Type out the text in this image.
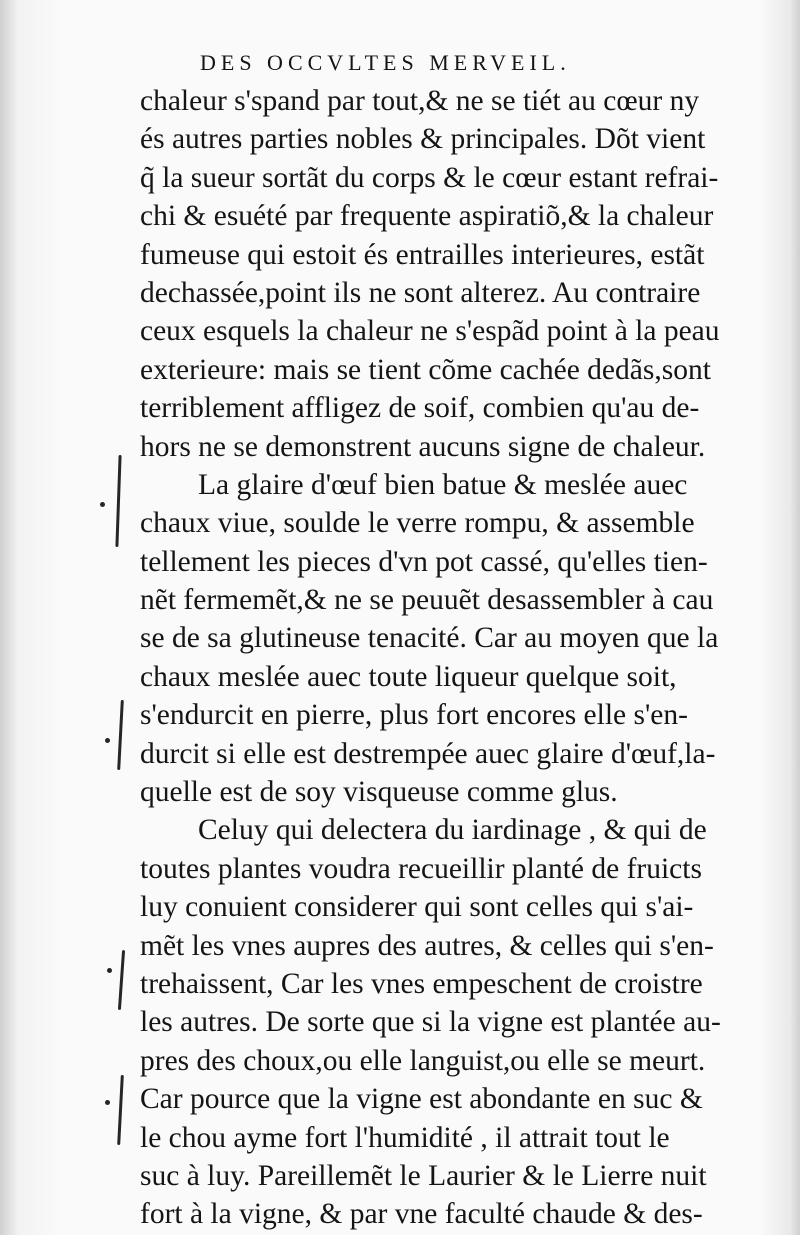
DES OCCVLTES MERVEIL.
chaleur s'spand par tout,& ne se tiét au cœur ny
és autres parties nobles & principales. Dõt vient
q̃ la sueur sortãt du corps & le cœur estant refrai-
chi & esuété par frequente aspiratiõ,& la chaleur
fumeuse qui estoit és entrailles interieures, estãt
dechassée,point ils ne sont alterez. Au contraire
ceux esquels la chaleur ne s'espãd point à la peau
exterieure: mais se tient cõme cachée dedãs,sont
terriblement affligez de soif, combien qu'au de-
hors ne se demonstrent aucuns signe de chaleur.
La glaire d'œuf bien batue & meslée auec
chaux viue, soulde le verre rompu, & assemble
tellement les pieces d'vn pot cassé, qu'elles tien-
nẽt fermemẽt,& ne se peuuẽt desassembler à cau
se de sa glutineuse tenacité. Car au moyen que la
chaux meslée auec toute liqueur quelque soit,
s'endurcit en pierre, plus fort encores elle s'en-
durcit si elle est destrempée auec glaire d'œuf,la-
quelle est de soy visqueuse comme glus.
Celuy qui delectera du iardinage , & qui de
toutes plantes voudra recueillir planté de fruicts
luy conuient considerer qui sont celles qui s'ai-
mẽt les vnes aupres des autres, & celles qui s'en-
trehaissent, Car les vnes empeschent de croistre
les autres. De sorte que si la vigne est plantée au-
pres des choux,ou elle languist,ou elle se meurt.
Car pource que la vigne est abondante en suc &
le chou ayme fort l'humidité , il attrait tout le
suc à luy. Pareillemẽt le Laurier & le Lierre nuit
fort à la vigne, & par vne faculté chaude & des-
